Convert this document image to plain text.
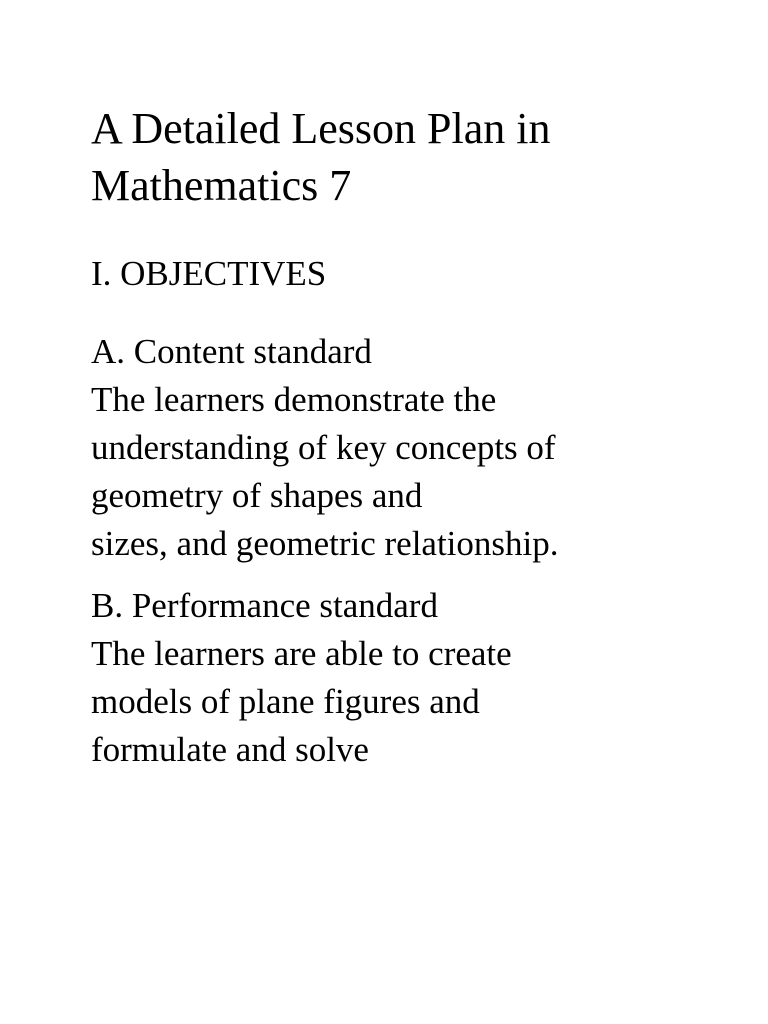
A Detailed Lesson Plan in
Mathematics 7
I. OBJECTIVES
A. Content standard
The learners demonstrate the
understanding of key concepts of
geometry of shapes and
sizes, and geometric relationship.
B. Performance standard
The learners are able to create
models of plane figures and
formulate and solve
